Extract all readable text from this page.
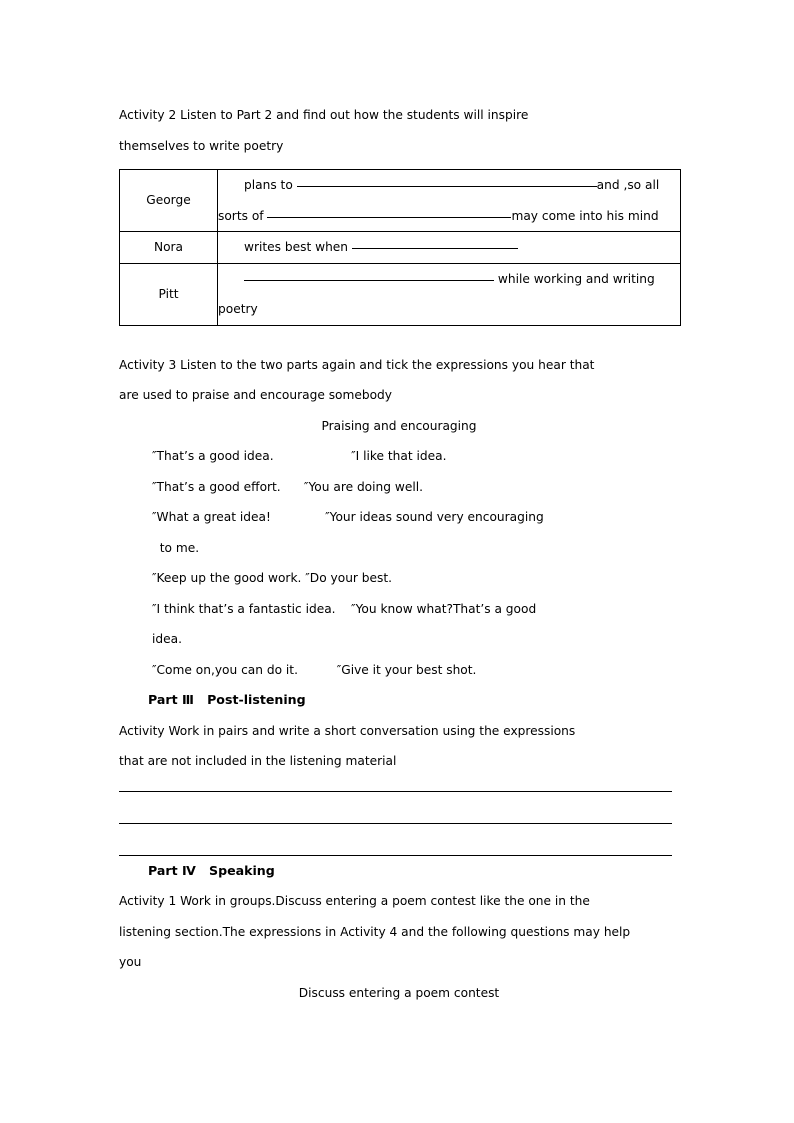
Activity 2 Listen to Part 2 and find out how the students will inspire
themselves to write poetry
George	plans to and ,so all
sorts of may come into his mind

Nora	writes best when

Pitt	while working and writing
poetry
Activity 3 Listen to the two parts again and tick the expressions you hear that
are used to praise and encourage somebody
Praising and encouraging
″That’s a good idea.                    ″I like that idea.
″That’s a good effort.      ″You are doing well.
″What a great idea!              ″Your ideas sound very encouraging
to me.
″Keep up the good work. ″Do your best.
″I think that’s a fantastic idea.    ″You know what?That’s a good
idea.
″Come on,you can do it.          ″Give it your best shot.
Part Ⅲ   Post-listening
Activity Work in pairs and write a short conversation using the expressions
that are not included in the listening material
Part Ⅳ   Speaking
Activity 1 Work in groups.Discuss entering a poem contest like the one in the
listening section.The expressions in Activity 4 and the following questions may help
you
Discuss entering a poem contest
